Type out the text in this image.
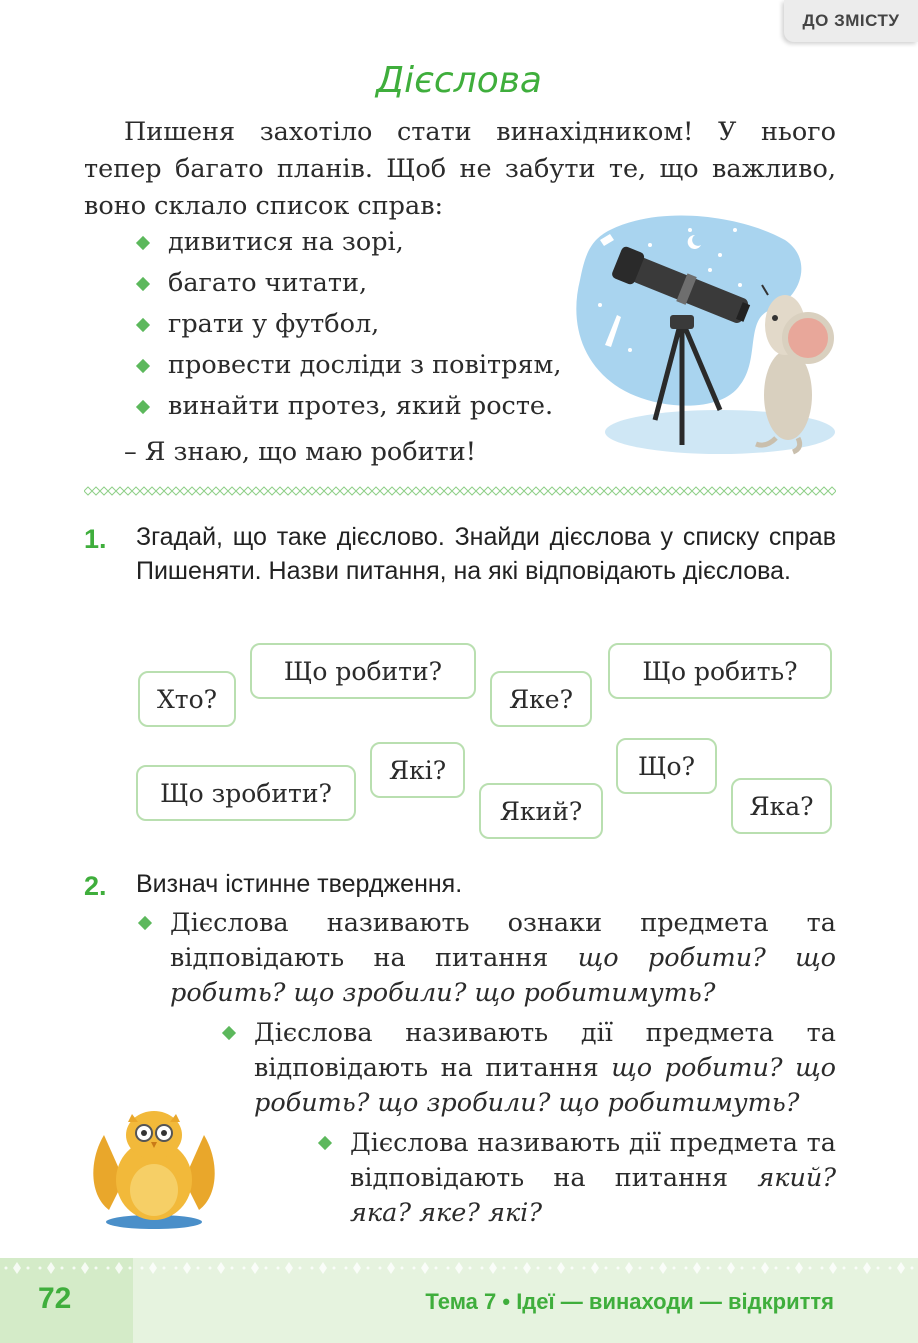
ДО ЗМІСТУ
Дієслова
Пишеня захотіло стати винахідником! У нього тепер багато планів. Щоб не забути те, що важливо, воно склало список справ:
дивитися на зорі,
багато читати,
грати у футбол,
провести досліди з повітрям,
винайти протез, який росте.
– Я знаю, що маю робити!
1. Згадай, що таке дієслово. Знайди дієслова у списку справ Пишеняти. Назви питання, на які відповідають дієслова.
Хто?
Що робити?
Яке?
Що робить?
Що зробити?
Які?
Який?
Що?
Яка?
2. Визнач істинне твердження.
Дієслова називають ознаки предмета та відповідають на питання що робити? що робить? що зробили? що робитимуть?
Дієслова називають дії предмета та відповідають на питання що робити? що робить? що зробили? що робитимуть?
Дієслова називають дії предмета та відповідають на питання який? яка? яке? які?
72	Тема 7 • Ідеї — винаходи — відкриття
